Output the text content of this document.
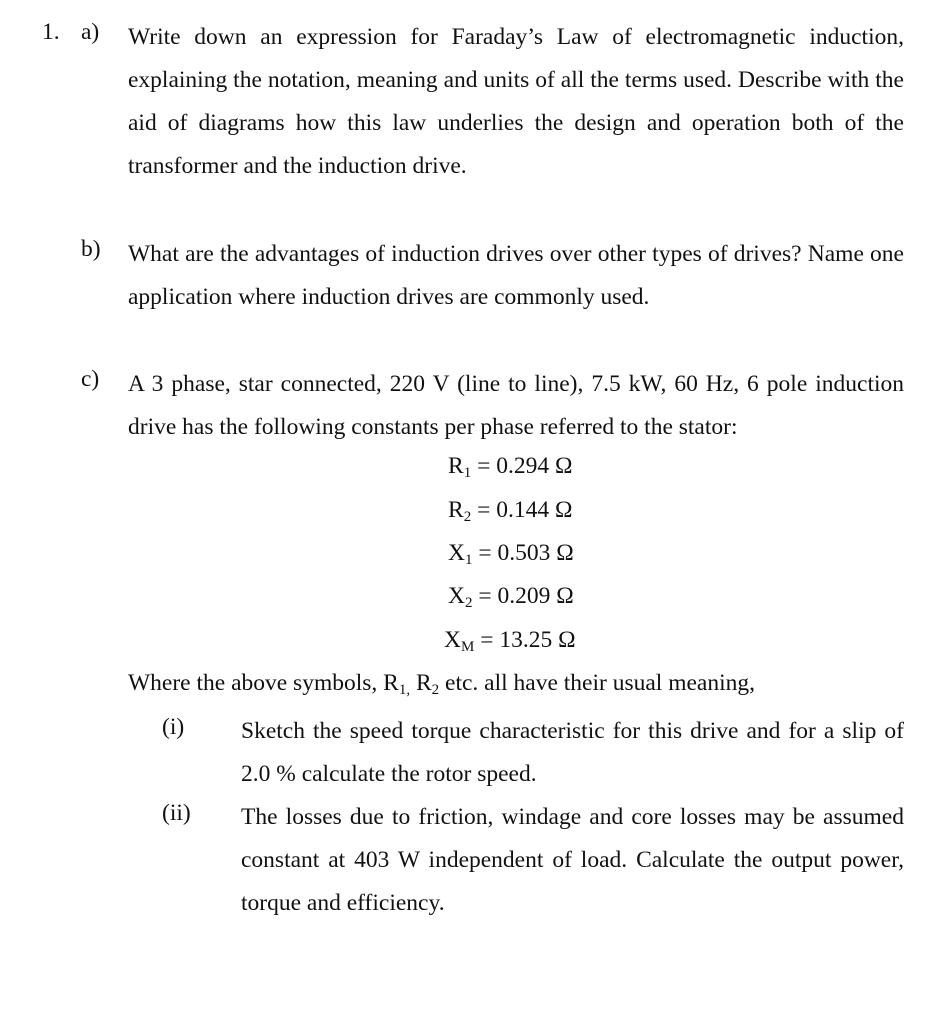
1. a) Write down an expression for Faraday’s Law of electromagnetic induction, explaining the notation, meaning and units of all the terms used. Describe with the aid of diagrams how this law underlies the design and operation both of the transformer and the induction drive.
b) What are the advantages of induction drives over other types of drives? Name one application where induction drives are commonly used.
c) A 3 phase, star connected, 220 V (line to line), 7.5 kW, 60 Hz, 6 pole induction drive has the following constants per phase referred to the stator:
$R_1 = 0.294$ Ω
$R_2 = 0.144$ Ω
$X_1 = 0.503$ Ω
$X_2 = 0.209$ Ω
$X_M = 13.25$ Ω
Where the above symbols, $R_{1,}$ $R_2$ etc. all have their usual meaning,
(i) Sketch the speed torque characteristic for this drive and for a slip of 2.0 % calculate the rotor speed.
(ii) The losses due to friction, windage and core losses may be assumed constant at 403 W independent of load. Calculate the output power, torque and efficiency.
